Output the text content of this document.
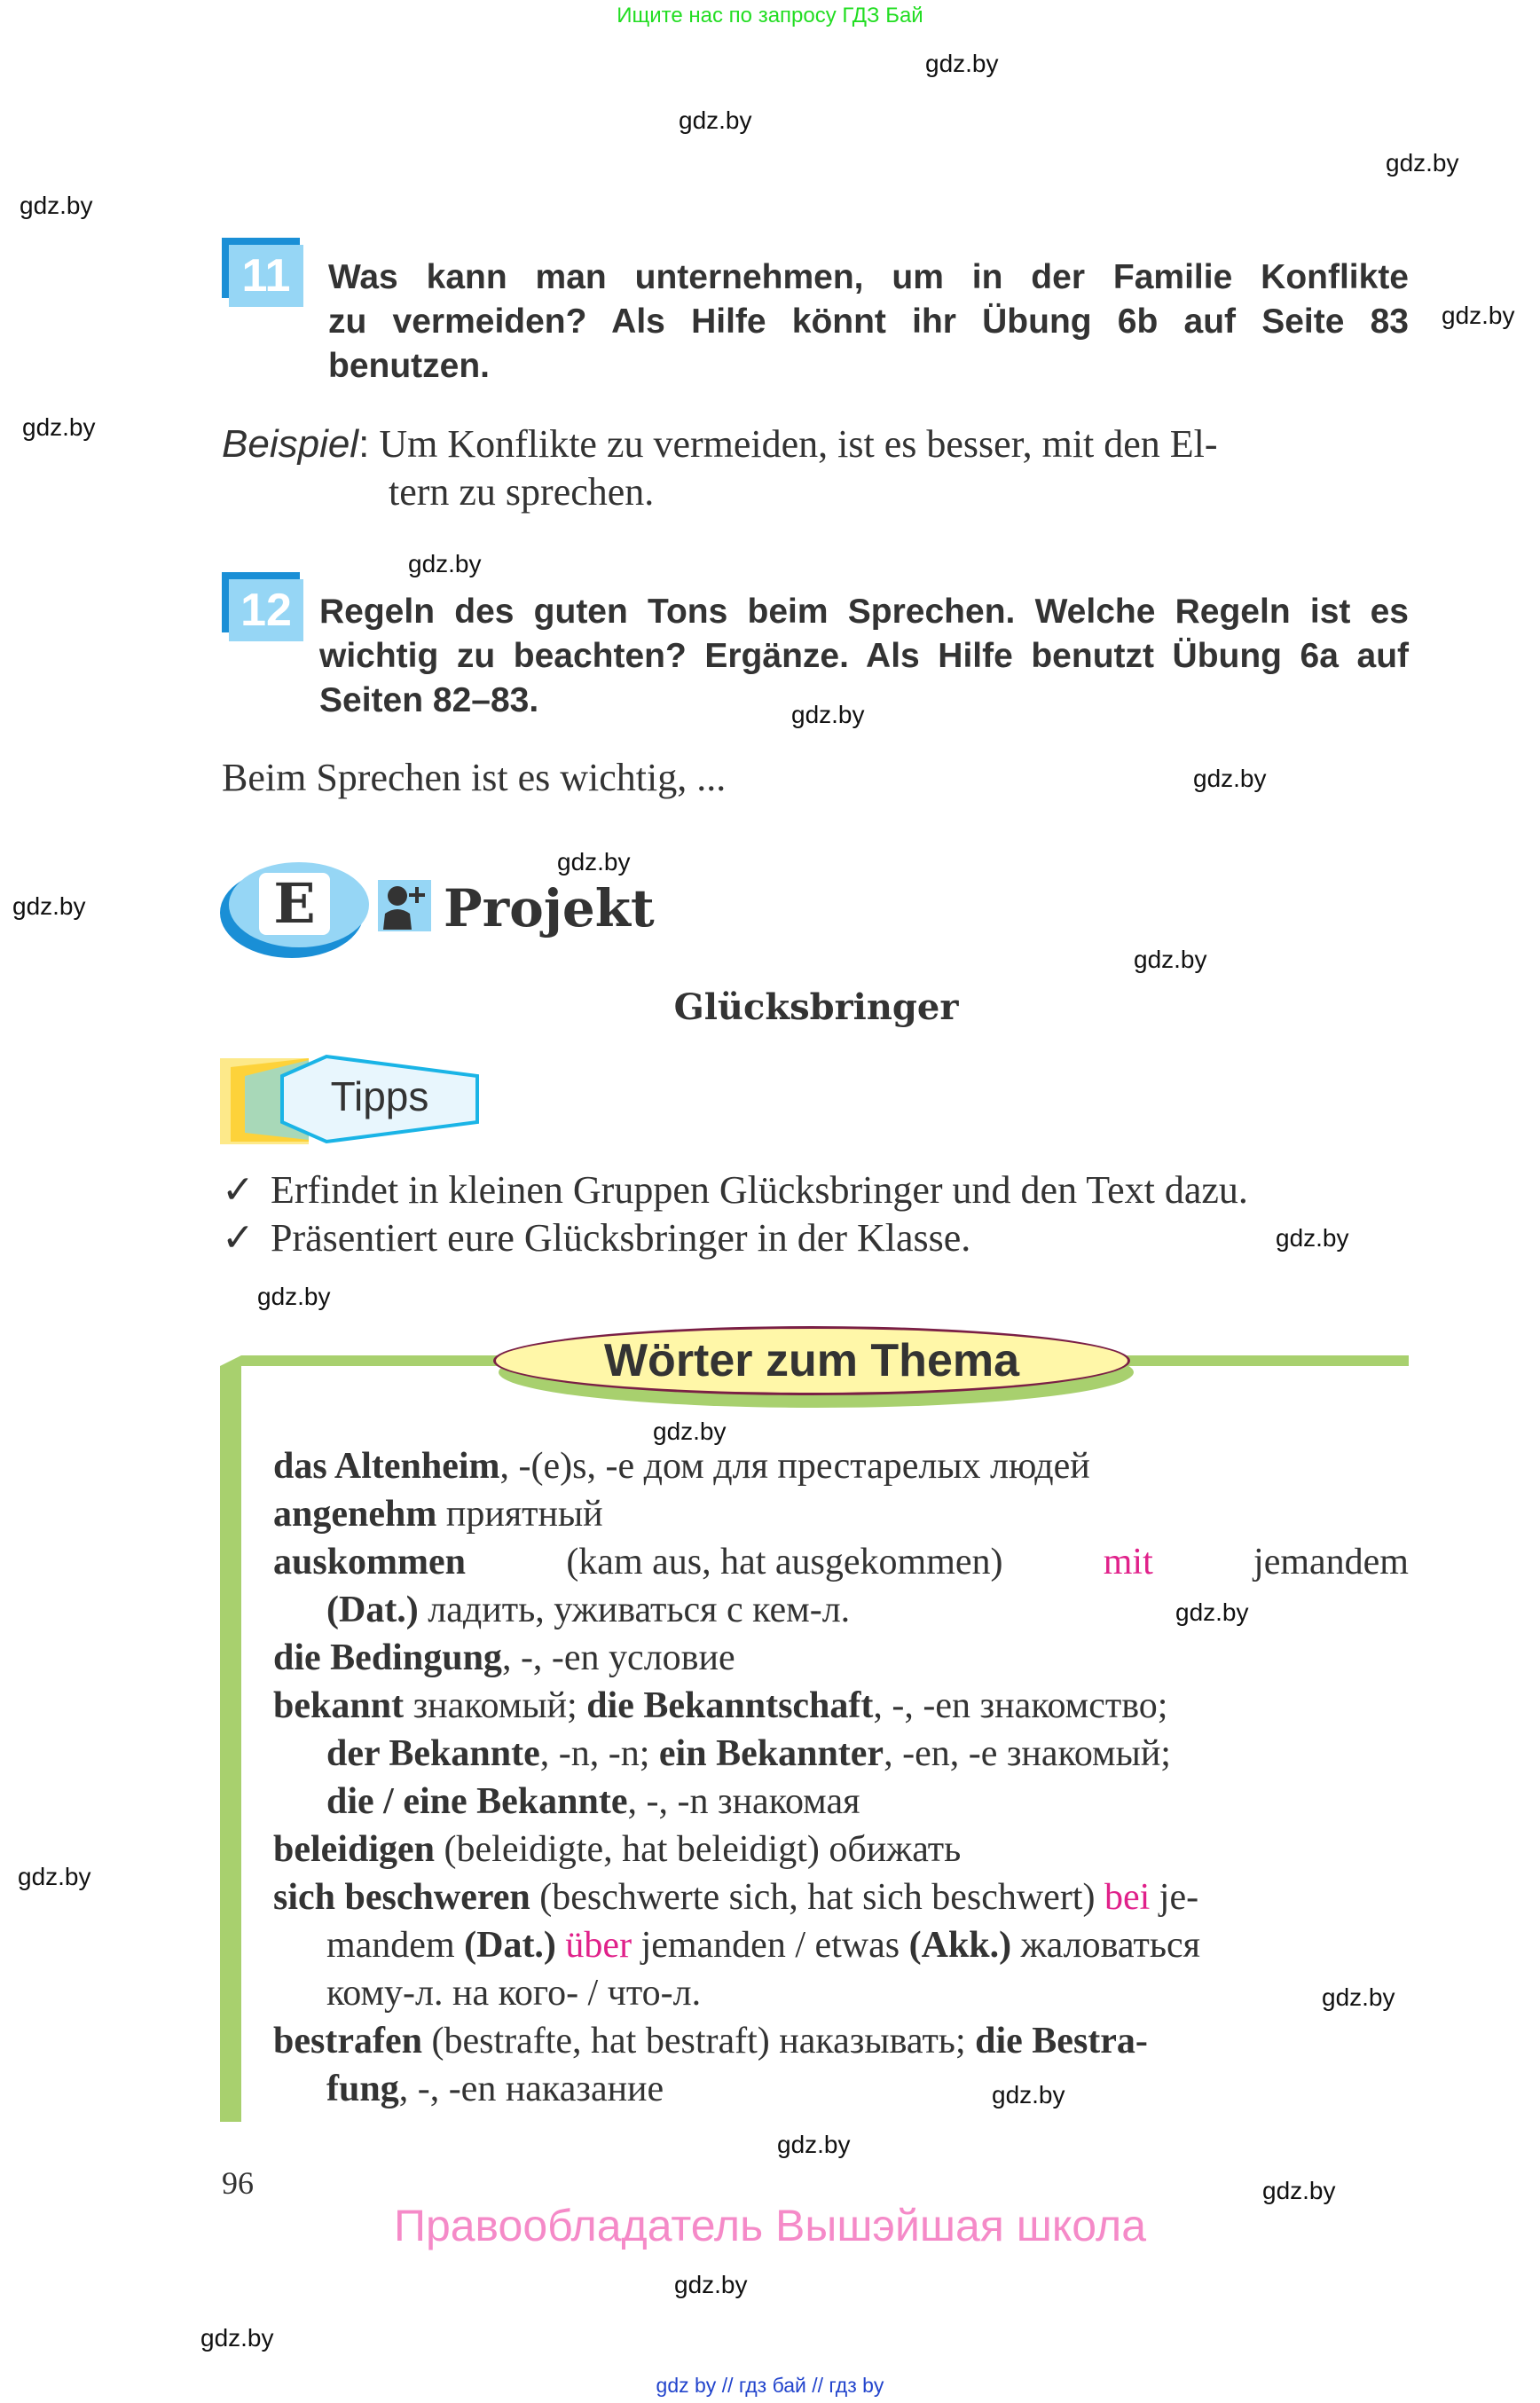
Ищите нас по запросу ГДЗ Бай
gdz.by
gdz.by
gdz.by
gdz.by
gdz.by
gdz.by
gdz.by
gdz.by
gdz.by
gdz.by
gdz.by
gdz.by
gdz.by
gdz.by
gdz.by
gdz.by
gdz.by
gdz.by
gdz.by
gdz.by
gdz.by
gdz.by
gdz.by
11	Was kann man unternehmen, um in der Familie Konflikte
zu vermeiden? Als Hilfe könnt ihr Übung 6b auf Seite 83
benutzen.
Beispiel: Um Konflikte zu vermeiden, ist es besser, mit den El-
tern zu sprechen.
12 Regeln des guten Tons beim Sprechen. Welche Regeln ist es
wichtig zu beachten? Ergänze. Als Hilfe benutzt Übung 6a auf
Seiten 82–83.
Beim Sprechen ist es wichtig, ...
E Projekt
Glücksbringer
Tipps
✓ Erfindet in kleinen Gruppen Glücksbringer und den Text dazu.
✓ Präsentiert eure Glücksbringer in der Klasse.
Wörter zum Thema
das Altenheim, -(e)s, -e дом для престарелых людей
angenehm приятный
auskommen	(kam aus, hat ausgekommen)	mit	jemandem
(Dat.) ладить, уживаться с кем-л.
die Bedingung, -, -en условие
bekannt знакомый; die Bekanntschaft, -, -en знакомство;
der Bekannte, -n, -n; ein Bekannter, -en, -e знакомый;
die / eine Bekannte, -, -n знакомая
beleidigen (beleidigte, hat beleidigt) обижать
sich beschweren (beschwerte sich, hat sich beschwert) bei je-
mandem (Dat.) über jemanden / etwas (Akk.) жаловаться
кому-л. на кого- / что-л.
bestrafen (bestrafte, hat bestraft) наказывать; die Bestra-
fung, -, -en наказание
96
Правообладатель Вышэйшая школа
gdz by // гдз бай // гдз by
